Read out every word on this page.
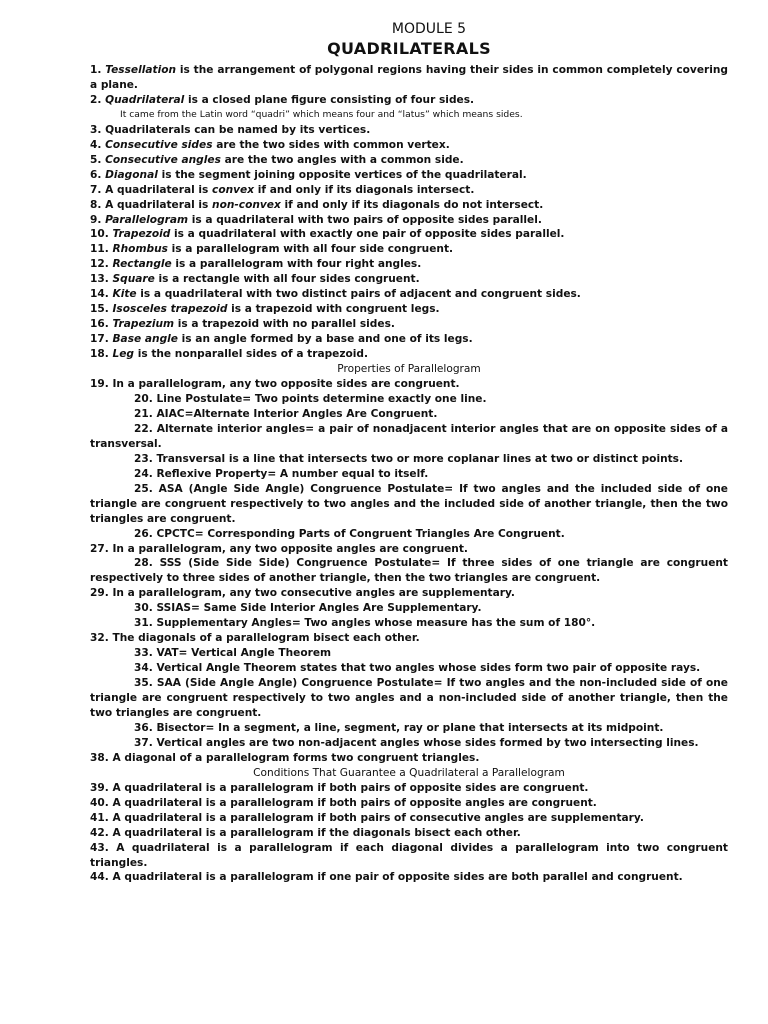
MODULE 5
QUADRILATERALS

1. Tessellation is the arrangement of polygonal regions having their sides in common completely covering a plane.

2. Quadrilateral is a closed plane figure consisting of four sides.

It came from the Latin word “quadri” which means four and “latus” which means sides.

3. Quadrilaterals can be named by its vertices.

4. Consecutive sides are the two sides with common vertex.

5. Consecutive angles are the two angles with a common side.

6. Diagonal is the segment joining opposite vertices of the quadrilateral.

7. A quadrilateral is convex if and only if its diagonals intersect.

8. A quadrilateral is non-convex if and only if its diagonals do not intersect.

9. Parallelogram is a quadrilateral with two pairs of opposite sides parallel.

10. Trapezoid is a quadrilateral with exactly one pair of opposite sides parallel.

11. Rhombus is a parallelogram with all four side congruent.

12. Rectangle is a parallelogram with four right angles.

13. Square is a rectangle with all four sides congruent.

14. Kite is a quadrilateral with two distinct pairs of adjacent and congruent sides.

15. Isosceles trapezoid is a trapezoid with congruent legs.

16. Trapezium is a trapezoid with no parallel sides.

17. Base angle is an angle formed by a base and one of its legs.

18. Leg is the nonparallel sides of a trapezoid.

Properties of Parallelogram

19. In a parallelogram, any two opposite sides are congruent.

20. Line Postulate= Two points determine exactly one line.

21. AIAC=Alternate Interior Angles Are Congruent.

22. Alternate interior angles= a pair of nonadjacent interior angles that are on opposite sides of a transversal.

23. Transversal is a line that intersects two or more coplanar lines at two or distinct points.

24. Reflexive Property= A number equal to itself.

25. ASA (Angle Side Angle) Congruence Postulate= If two angles and the included side of one triangle are congruent respectively to two angles and the included side of another triangle, then the two triangles are congruent.

26. CPCTC= Corresponding Parts of Congruent Triangles Are Congruent.

27. In a parallelogram, any two opposite angles are congruent.

28. SSS (Side Side Side) Congruence Postulate= If three sides of one triangle are congruent respectively to three sides of another triangle, then the two triangles are congruent.

29. In a parallelogram, any two consecutive angles are supplementary.

30. SSIAS= Same Side Interior Angles Are Supplementary.

31. Supplementary Angles= Two angles whose measure has the sum of 180°.

32. The diagonals of a parallelogram bisect each other.

33. VAT= Vertical Angle Theorem

34. Vertical Angle Theorem states that two angles whose sides form two pair of opposite rays.

35. SAA (Side Angle Angle) Congruence Postulate= If two angles and the non-included side of one triangle are congruent respectively to two angles and a non-included side of another triangle, then the two triangles are congruent.

36. Bisector= In a segment, a line, segment, ray or plane that intersects at its midpoint.

37. Vertical angles are two non-adjacent angles whose sides formed by two intersecting lines.

38. A diagonal of a parallelogram forms two congruent triangles.

Conditions That Guarantee a Quadrilateral a Parallelogram

39. A quadrilateral is a parallelogram if both pairs of opposite sides are congruent.

40. A quadrilateral is a parallelogram if both pairs of opposite angles are congruent.

41. A quadrilateral is a parallelogram if both pairs of consecutive angles are supplementary.

42. A quadrilateral is a parallelogram if the diagonals bisect each other.

43. A quadrilateral is a parallelogram if each diagonal divides a parallelogram into two congruent triangles.

44. A quadrilateral is a parallelogram if one pair of opposite sides are both parallel and congruent.
